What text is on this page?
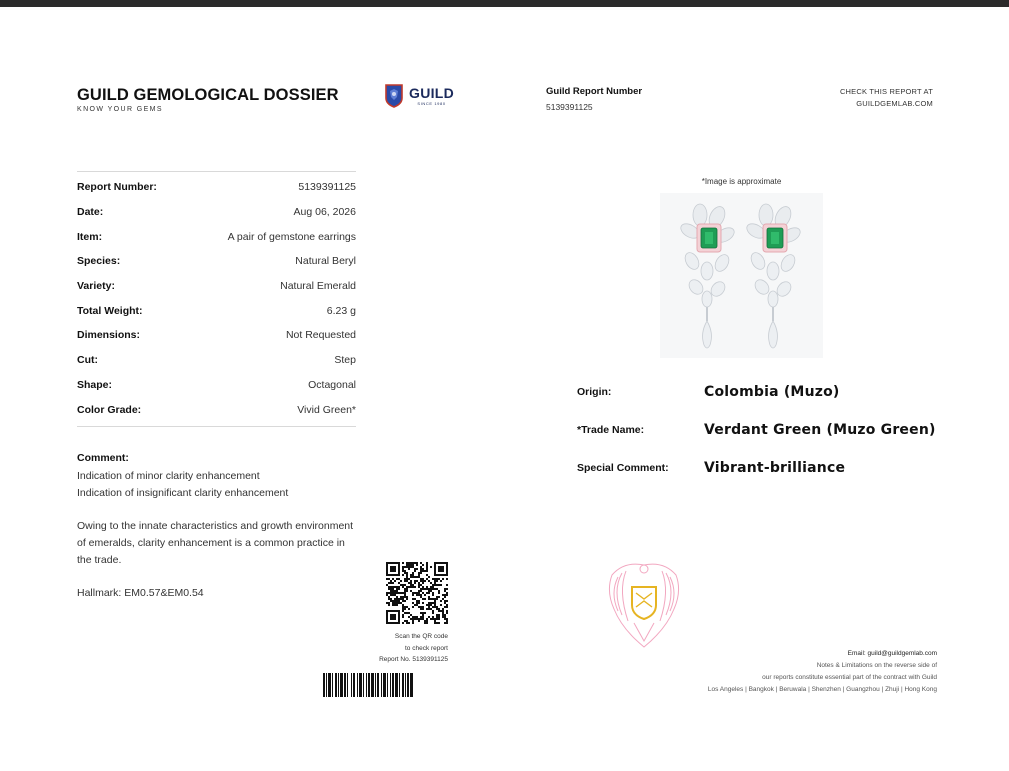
GUILD GEMOLOGICAL DOSSIER
KNOW YOUR GEMS
GUILD
SINCE 1980
Guild Report Number
5139391125
CHECK THIS REPORT AT
GUILDGEMLAB.COM
Report Number:	5139391125
Date:	Aug 06, 2026
Item:	A pair of gemstone earrings
Species:	Natural Beryl
Variety:	Natural Emerald
Total Weight:	6.23 g
Dimensions:	Not Requested
Cut:	Step
Shape:	Octagonal
Color Grade:	Vivid Green*
Comment:
Indication of minor clarity enhancement
Indication of insignificant clarity enhancement
Owing to the innate characteristics and growth environment of emeralds, clarity enhancement is a common practice in the trade.
Hallmark: EM0.57&EM0.54
*Image is approximate
Origin:	Colombia (Muzo)
*Trade Name:	Verdant Green (Muzo Green)
Special Comment:	Vibrant-brilliance
Scan the QR code
to check report
Report No. 5139391125
Email: guild@guildgemlab.com
Notes & Limitations on the reverse side of
our reports constitute essential part of the contract with Guild
Los Angeles | Bangkok | Beruwala | Shenzhen | Guangzhou | Zhuji | Hong Kong
